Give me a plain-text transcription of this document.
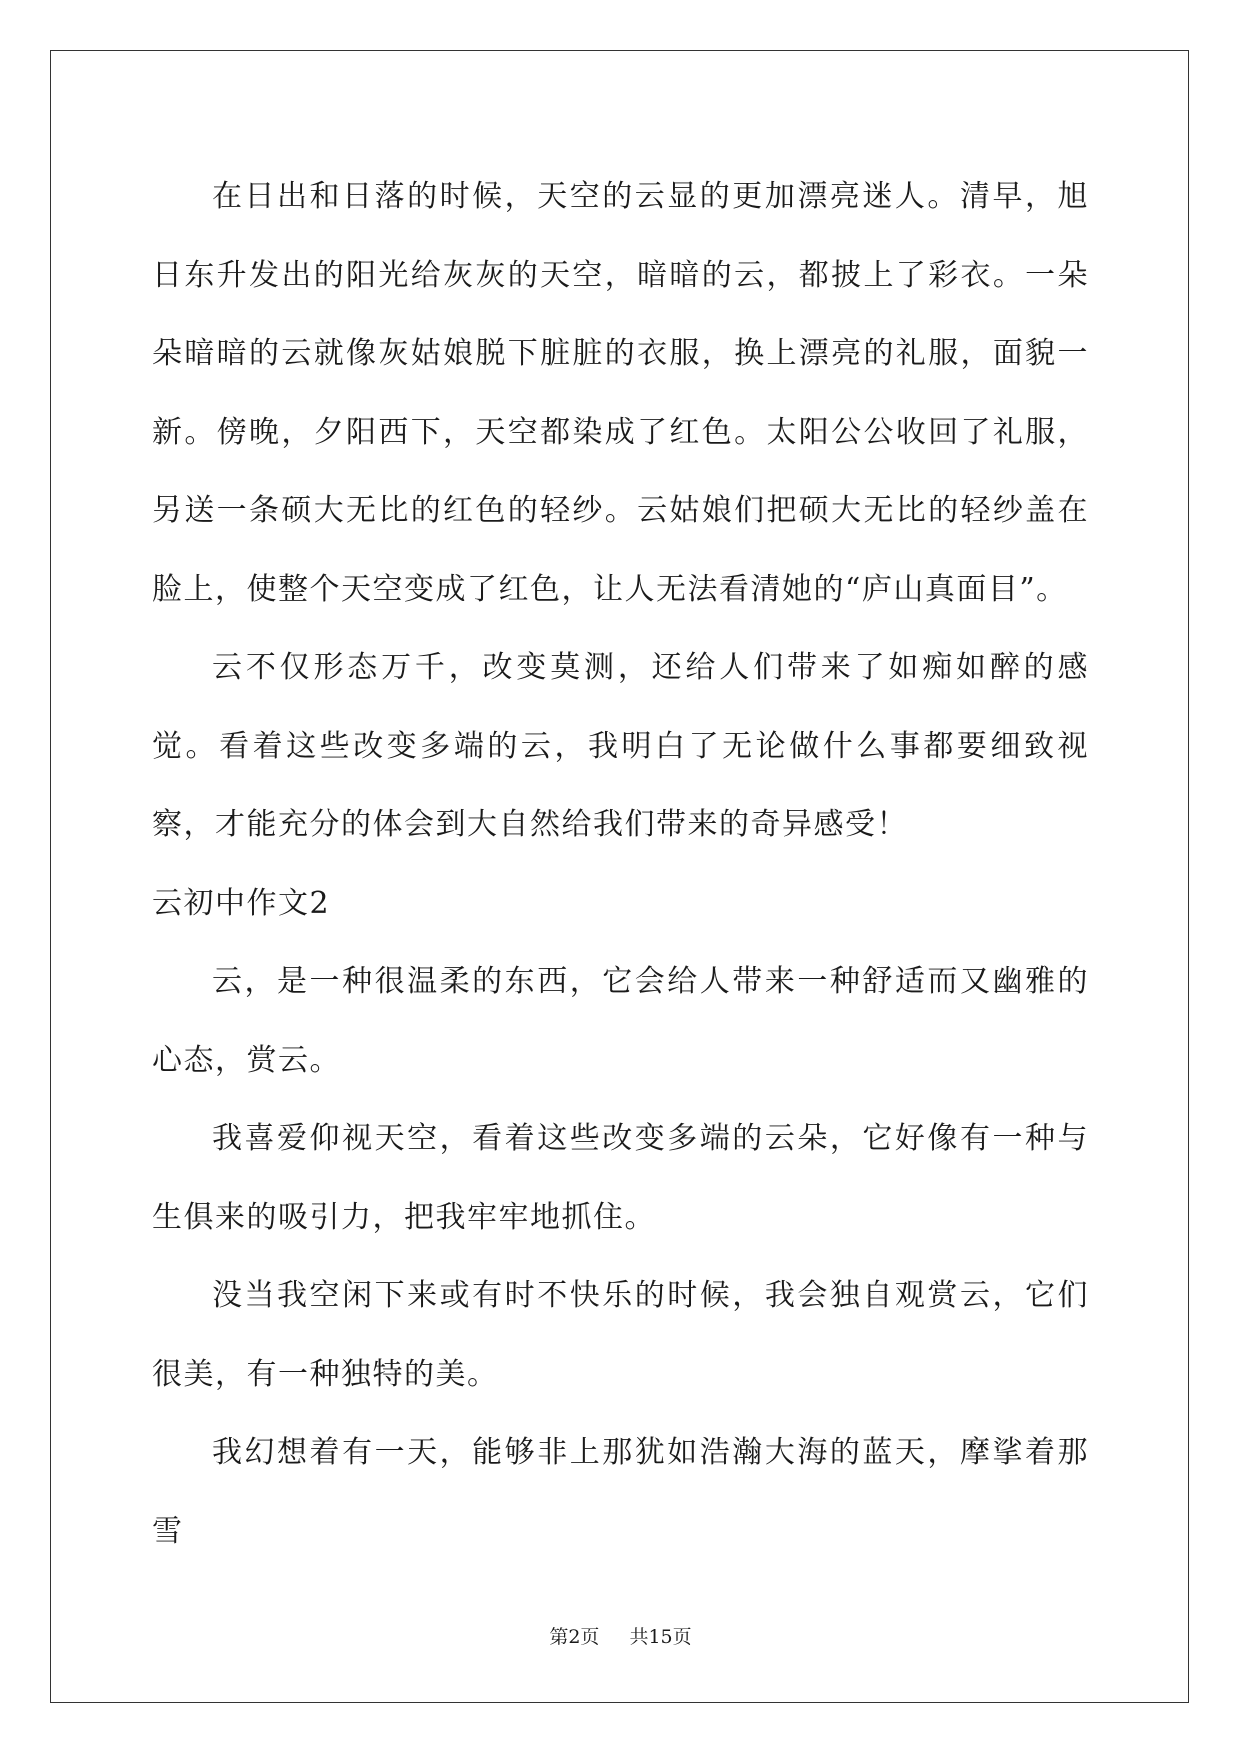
在日出和日落的时候，天空的云显的更加漂亮迷人。清早，旭日东升发出的阳光给灰灰的天空，暗暗的云，都披上了彩衣。一朵朵暗暗的云就像灰姑娘脱下脏脏的衣服，换上漂亮的礼服，面貌一新。傍晚，夕阳西下，天空都染成了红色。太阳公公收回了礼服，另送一条硕大无比的红色的轻纱。云姑娘们把硕大无比的轻纱盖在脸上，使整个天空变成了红色，让人无法看清她的“庐山真面目”。

云不仅形态万千，改变莫测，还给人们带来了如痴如醉的感觉。看着这些改变多端的云，我明白了无论做什么事都要细致视察，才能充分的体会到大自然给我们带来的奇异感受！

云初中作文2

云，是一种很温柔的东西，它会给人带来一种舒适而又幽雅的心态，赏云。

我喜爱仰视天空，看着这些改变多端的云朵，它好像有一种与生俱来的吸引力，把我牢牢地抓住。

没当我空闲下来或有时不快乐的时候，我会独自观赏云，它们很美，有一种独特的美。

我幻想着有一天，能够非上那犹如浩瀚大海的蓝天，摩挲着那雪

第2页 共15页
